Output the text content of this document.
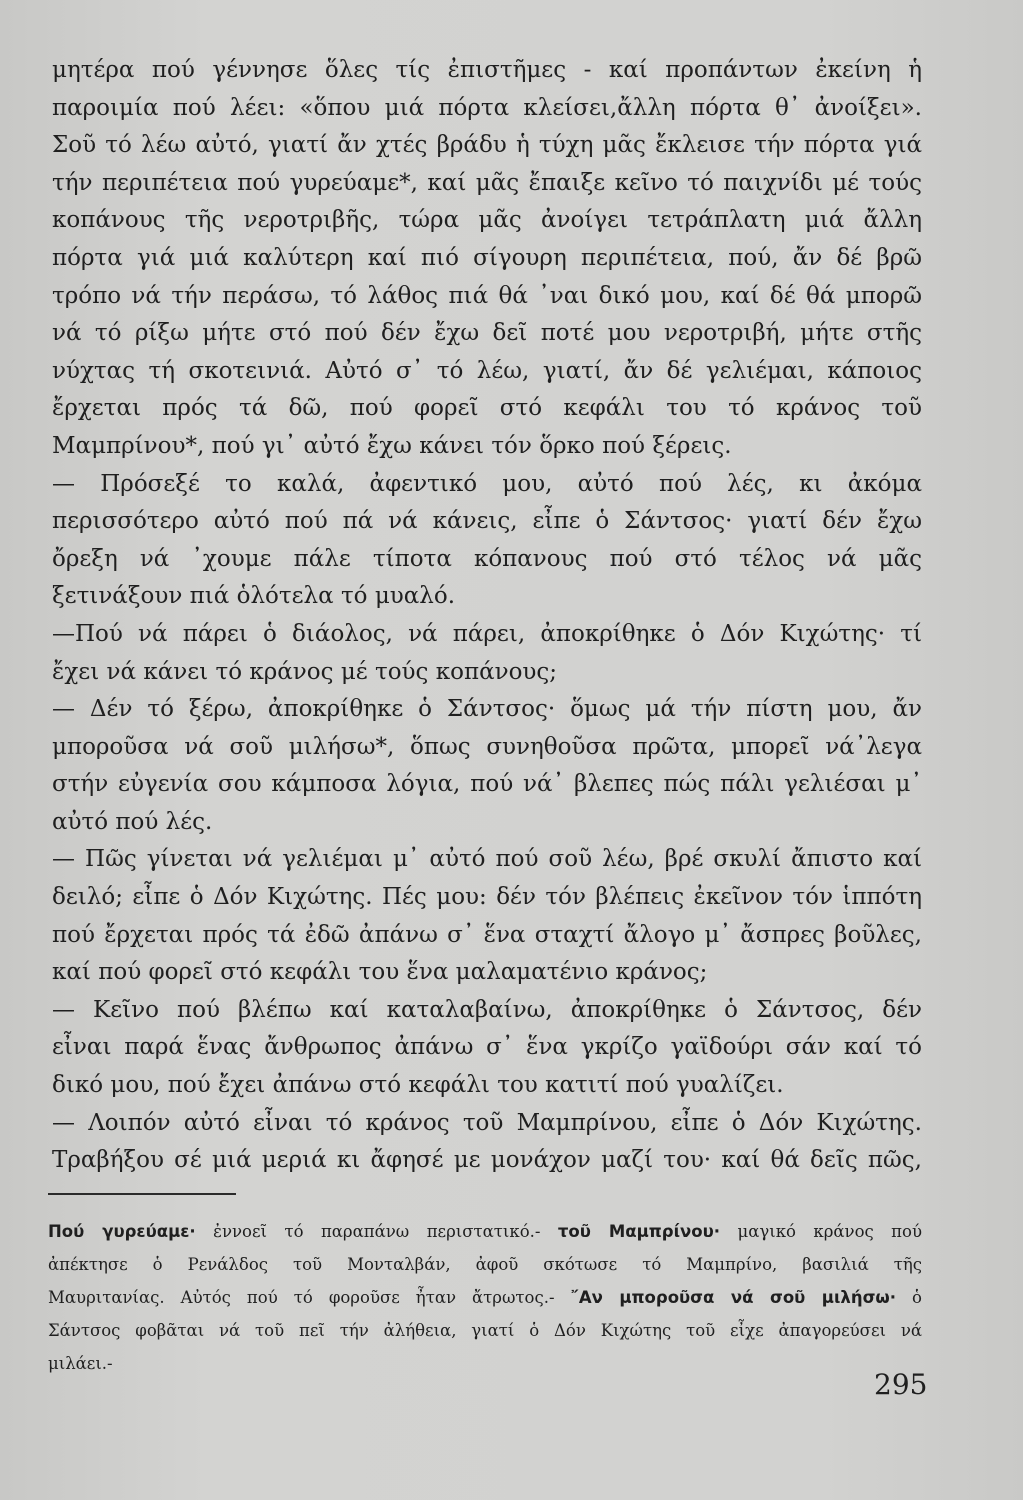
μητέρα πού γέννησε ὅλες τίς ἐπιστῆμες - καί προπάντων ἐκείνη ἡ
παροιμία πού λέει: «ὅπου μιά πόρτα κλείσει,ἄλλη πόρτα θ᾽ ἀνοίξει».
Σοῦ τό λέω αὐτό, γιατί ἄν χτές βράδυ ἡ τύχη μᾶς ἔκλεισε τήν πόρτα γιά
τήν περιπέτεια πού γυρεύαμε*, καί μᾶς ἔπαιξε κεῖνο τό παιχνίδι μέ τούς
κοπάνους τῆς νεροτριβῆς, τώρα μᾶς ἀνοίγει τετράπλατη μιά ἄλλη
πόρτα γιά μιά καλύτερη καί πιό σίγουρη περιπέτεια, πού, ἄν δέ βρῶ
τρόπο νά τήν περάσω, τό λάθος πιά θά ᾽ναι δικό μου, καί δέ θά μπορῶ
νά τό ρίξω μήτε στό πού δέν ἔχω δεῖ ποτέ μου νεροτριβή, μήτε στῆς
νύχτας τή σκοτεινιά. Αὐτό σ᾽ τό λέω, γιατί, ἄν δέ γελιέμαι, κάποιος
ἔρχεται πρός τά δῶ, πού φορεῖ στό κεφάλι του τό κράνος τοῦ
Μαμπρίνου*, πού γι᾽ αὐτό ἔχω κάνει τόν ὅρκο πού ξέρεις.
— Πρόσεξέ το καλά, ἀφεντικό μου, αὐτό πού λές, κι ἀκόμα
περισσότερο αὐτό πού πά νά κάνεις, εἶπε ὁ Σάντσος· γιατί δέν ἔχω
ὄρεξη νά ᾽χουμε πάλε τίποτα κόπανους πού στό τέλος νά μᾶς
ξετινάξουν πιά ὁλότελα τό μυαλό.
—Πού νά πάρει ὁ διάολος, νά πάρει, ἀποκρίθηκε ὁ Δόν Κιχώτης· τί
ἔχει νά κάνει τό κράνος μέ τούς κοπάνους;
— Δέν τό ξέρω, ἀποκρίθηκε ὁ Σάντσος· ὅμως μά τήν πίστη μου, ἄν
μποροῦσα νά σοῦ μιλήσω*, ὅπως συνηθοῦσα πρῶτα, μπορεῖ νά᾽λεγα
στήν εὐγενία σου κάμποσα λόγια, πού νά᾽ βλεπες πώς πάλι γελιέσαι μ᾽
αὐτό πού λές.
— Πῶς γίνεται νά γελιέμαι μ᾽ αὐτό πού σοῦ λέω, βρέ σκυλί ἄπιστο καί
δειλό; εἶπε ὁ Δόν Κιχώτης. Πές μου: δέν τόν βλέπεις ἐκεῖνον τόν ἱππότη
πού ἔρχεται πρός τά ἐδῶ ἀπάνω σ᾽ ἕνα σταχτί ἄλογο μ᾽ ἄσπρες βοῦλες,
καί πού φορεῖ στό κεφάλι του ἕνα μαλαματένιο κράνος;
— Κεῖνο πού βλέπω καί καταλαβαίνω, ἀποκρίθηκε ὁ Σάντσος, δέν
εἶναι παρά ἕνας ἄνθρωπος ἀπάνω σ᾽ ἕνα γκρίζο γαϊδούρι σάν καί τό
δικό μου, πού ἔχει ἀπάνω στό κεφάλι του κατιτί πού γυαλίζει.
— Λοιπόν αὐτό εἶναι τό κράνος τοῦ Μαμπρίνου, εἶπε ὁ Δόν Κιχώτης.
Τραβήξου σέ μιά μεριά κι ἄφησέ με μονάχον μαζί του· καί θά δεῖς πῶς,
Πού γυρεύαμε· ἐννοεῖ τό παραπάνω περιστατικό.- τοῦ Μαμπρίνου· μαγικό κράνος πού
ἀπέκτησε ὁ Ρενάλδος τοῦ Μονταλβάν, ἀφοῦ σκότωσε τό Μαμπρίνο, βασιλιά τῆς
Μαυριτανίας. Αὐτός πού τό φοροῦσε ἦταν ἄτρωτος.- ῎Αν μποροῦσα νά σοῦ μιλήσω· ὁ
Σάντσος φοβᾶται νά τοῦ πεῖ τήν ἀλήθεια, γιατί ὁ Δόν Κιχώτης τοῦ εἶχε ἀπαγορεύσει νά
μιλάει.-
295
